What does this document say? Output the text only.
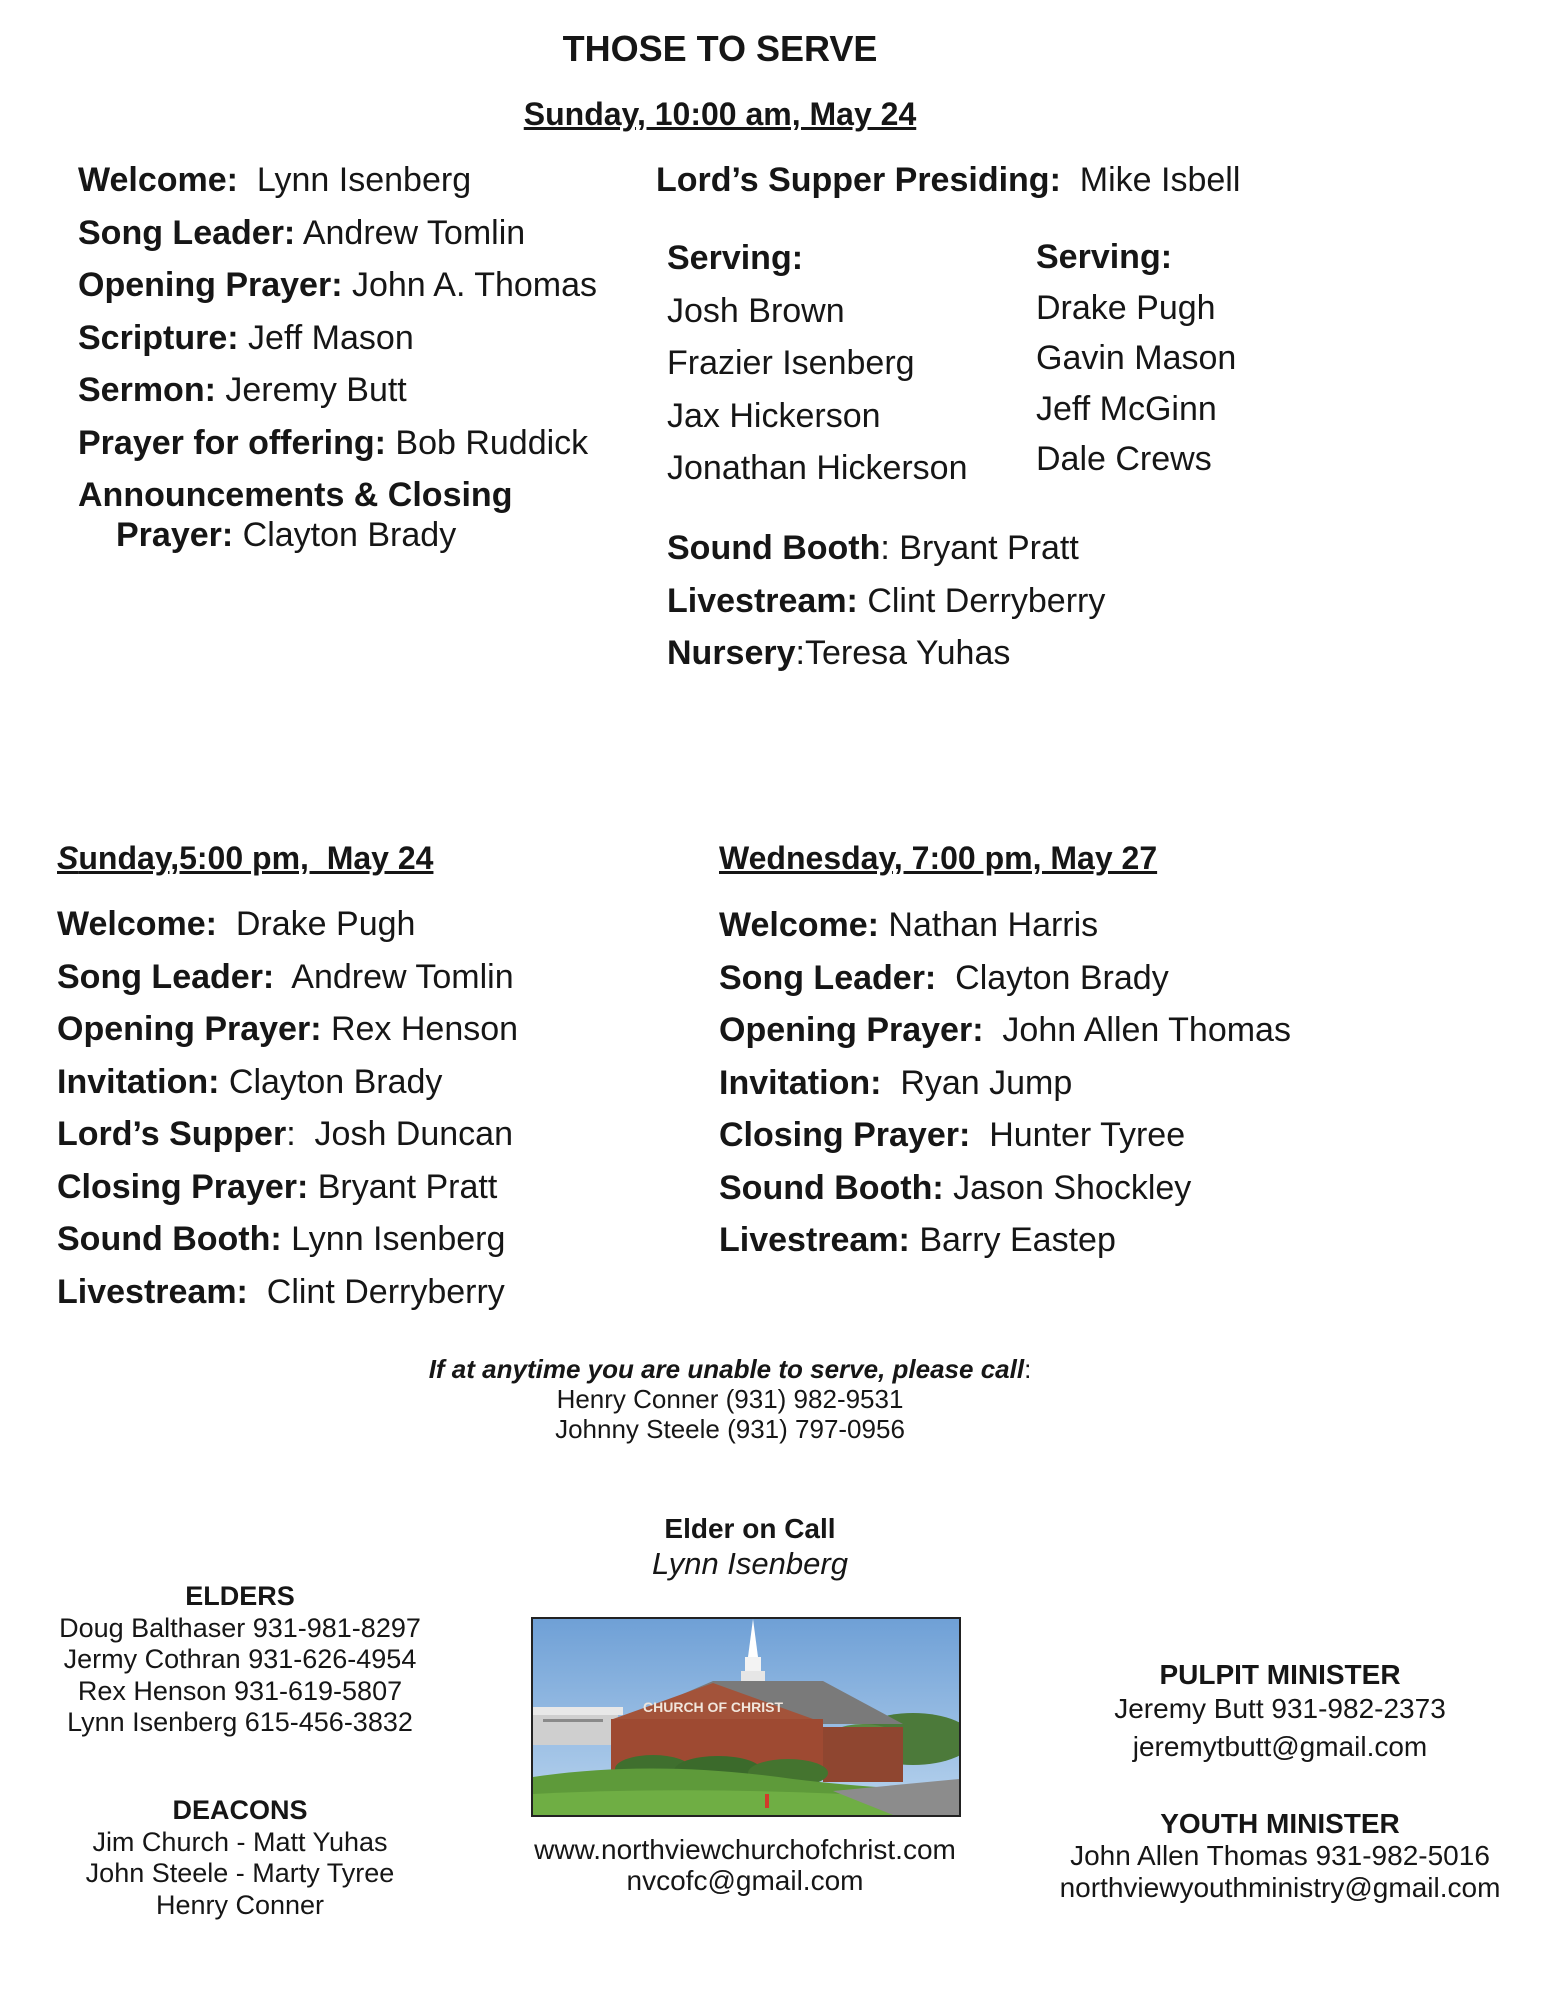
THOSE TO SERVE
Sunday, 10:00 am, May 24
Welcome:  Lynn Isenberg
Song Leader: Andrew Tomlin
Opening Prayer: John A. Thomas
Scripture: Jeff Mason
Sermon: Jeremy Butt
Prayer for offering: Bob Ruddick
Announcements & Closing
Prayer: Clayton Brady
Lord’s Supper Presiding:  Mike Isbell
Serving:
Josh Brown
Frazier Isenberg
Jax Hickerson
Jonathan Hickerson
Serving:
Drake Pugh
Gavin Mason
Jeff McGinn
Dale Crews
Sound Booth: Bryant Pratt
Livestream: Clint Derryberry
Nursery:Teresa Yuhas
Sunday,5:00 pm,  May 24
Welcome:  Drake Pugh
Song Leader:  Andrew Tomlin
Opening Prayer: Rex Henson
Invitation: Clayton Brady
Lord’s Supper:  Josh Duncan
Closing Prayer: Bryant Pratt
Sound Booth: Lynn Isenberg
Livestream:  Clint Derryberry
Wednesday, 7:00 pm, May 27
Welcome: Nathan Harris
Song Leader:  Clayton Brady
Opening Prayer:  John Allen Thomas
Invitation:  Ryan Jump
Closing Prayer:  Hunter Tyree
Sound Booth: Jason Shockley
Livestream: Barry Eastep
If at anytime you are unable to serve, please call:
Henry Conner (931) 982-9531
Johnny Steele (931) 797-0956
Elder on Call
Lynn Isenberg
ELDERS
Doug Balthaser 931-981-8297
Jermy Cothran 931-626-4954
Rex Henson 931-619-5807
Lynn Isenberg 615-456-3832
DEACONS
Jim Church - Matt Yuhas
John Steele - Marty Tyree
Henry Conner
CHURCH OF CHRIST
www.northviewchurchofchrist.com
nvcofc@gmail.com
PULPIT MINISTER
Jeremy Butt 931-982-2373
jeremytbutt@gmail.com
YOUTH MINISTER
John Allen Thomas 931-982-5016
northviewyouthministry@gmail.com
